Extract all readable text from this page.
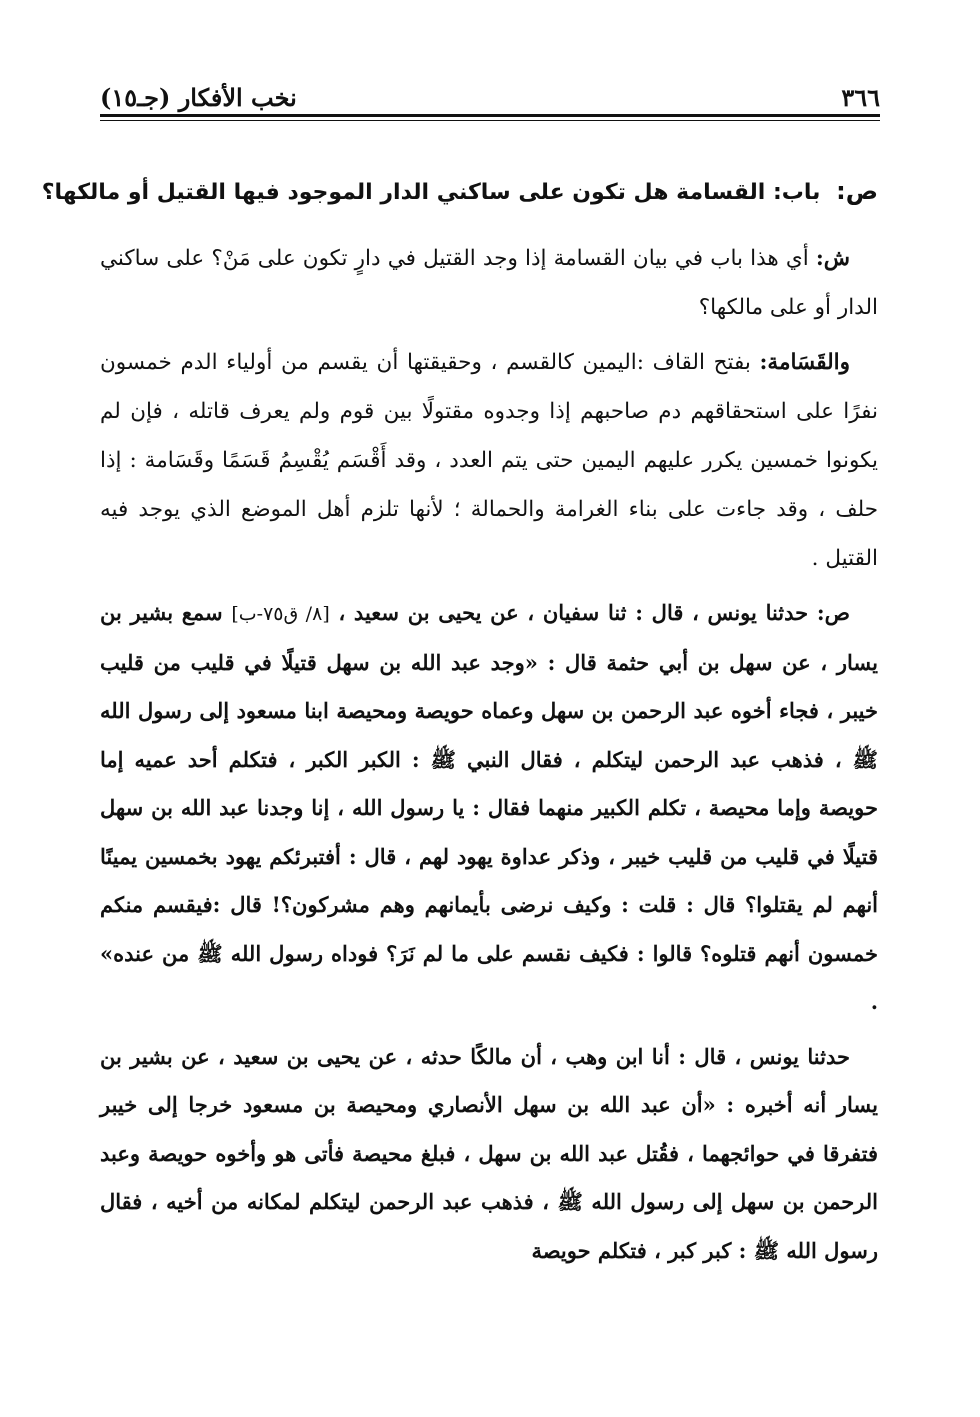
٣٦٦
نخب الأفكار (جـ١٥)
ص: باب: القسامة هل تكون على ساكني الدار الموجود فيها القتيل أو مالكها؟

ش: أي هذا باب في بيان القسامة إذا وجد القتيل في دارٍ تكون على مَنْ؟ على ساكني الدار أو على مالكها؟

والقَسَامة: بفتح القاف :اليمين كالقسم ، وحقيقتها أن يقسم من أولياء الدم خمسون نفرًا على استحقاقهم دم صاحبهم إذا وجدوه مقتولًا بين قوم ولم يعرف قاتله ، فإن لم يكونوا خمسين يكرر عليهم اليمين حتى يتم العدد ، وقد أَقْسَم يُقْسِمُ قَسَمًا وقَسَامة : إذا حلف ، وقد جاءت على بناء الغرامة والحمالة ؛ لأنها تلزم أهل الموضع الذي يوجد فيه القتيل .

ص: حدثنا يونس ، قال : ثنا سفيان ، عن يحيى بن سعيد ، [٨/ ق٧٥-ب] سمع بشير بن يسار ، عن سهل بن أبي حثمة قال : «وجد عبد الله بن سهل قتيلًا في قليب من قليب خيبر ، فجاء أخوه عبد الرحمن بن سهل وعماه حويصة ومحيصة ابنا مسعود إلى رسول الله ﷺ ، فذهب عبد الرحمن ليتكلم ، فقال النبي ﷺ : الكبر الكبر ، فتكلم أحد عميه إما حويصة وإما محيصة ، تكلم الكبير منهما فقال : يا رسول الله ، إنا وجدنا عبد الله بن سهل قتيلًا في قليب من قليب خيبر ، وذكر عداوة يهود لهم ، قال : أفتبرئكم يهود بخمسين يمينًا أنهم لم يقتلوا؟ قال : قلت : وكيف نرضى بأيمانهم وهم مشركون؟! قال :فيقسم منكم خمسون أنهم قتلوه؟ قالوا : فكيف نقسم على ما لم نَرَ؟ فوداه رسول الله ﷺ من عنده» .

حدثنا يونس ، قال : أنا ابن وهب ، أن مالكًا حدثه ، عن يحيى بن سعيد ، عن بشير بن يسار أنه أخبره : «أن عبد الله بن سهل الأنصاري ومحيصة بن مسعود خرجا إلى خيبر فتفرقا في حوائجهما ، فقُتل عبد الله بن سهل ، فبلغ محيصة فأتى هو وأخوه حويصة وعبد الرحمن بن سهل إلى رسول الله ﷺ ، فذهب عبد الرحمن ليتكلم لمكانه من أخيه ، فقال رسول الله ﷺ : كبر كبر ، فتكلم حويصة
